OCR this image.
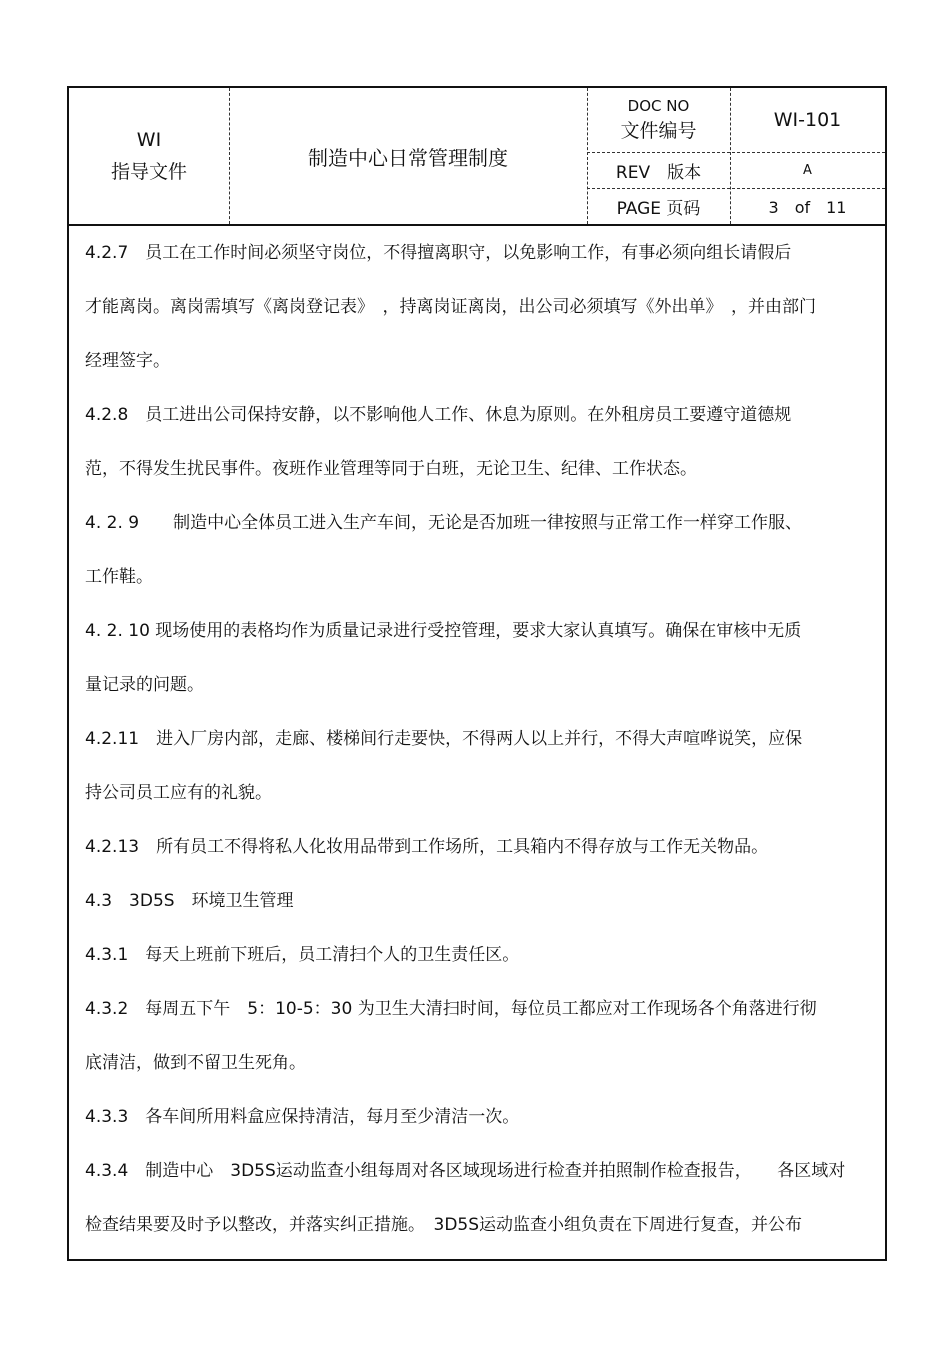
WI
指导文件
制造中心日常管理制度
DOC NO
文件编号	WI-101
REV　版本	A
PAGE 页码	3　of　11

4.2.7　员工在工作时间必须坚守岗位，不得擅离职守，以免影响工作，有事必须向组长请假后

才能离岗。离岗需填写《离岗登记表》　，持离岗证离岗，出公司必须填写《外出单》　，并由部门

经理签字。

4.2.8　员工进出公司保持安静，以不影响他人工作、休息为原则。在外租房员工要遵守道德规

范，不得发生扰民事件。夜班作业管理等同于白班，无论卫生、纪律、工作状态。

4. 2. 9　　制造中心全体员工进入生产车间，无论是否加班一律按照与正常工作一样穿工作服、

工作鞋。

4. 2. 10 现场使用的表格均作为质量记录进行受控管理，要求大家认真填写。确保在审核中无质

量记录的问题。

4.2.11　进入厂房内部，走廊、楼梯间行走要快，不得两人以上并行，不得大声喧哗说笑，应保

持公司员工应有的礼貌。

4.2.13　所有员工不得将私人化妆用品带到工作场所，工具箱内不得存放与工作无关物品。

4.3　3D5S　环境卫生管理

4.3.1　每天上班前下班后，员工清扫个人的卫生责任区。

4.3.2　每周五下午　5：10-5：30 为卫生大清扫时间，每位员工都应对工作现场各个角落进行彻

底清洁，做到不留卫生死角。

4.3.3　各车间所用料盒应保持清洁，每月至少清洁一次。

4.3.4　制造中心　3D5S运动监查小组每周对各区域现场进行检查并拍照制作检查报告，　　各区域对

检查结果要及时予以整改，并落实纠正措施。　3D5S运动监查小组负责在下周进行复查，并公布
